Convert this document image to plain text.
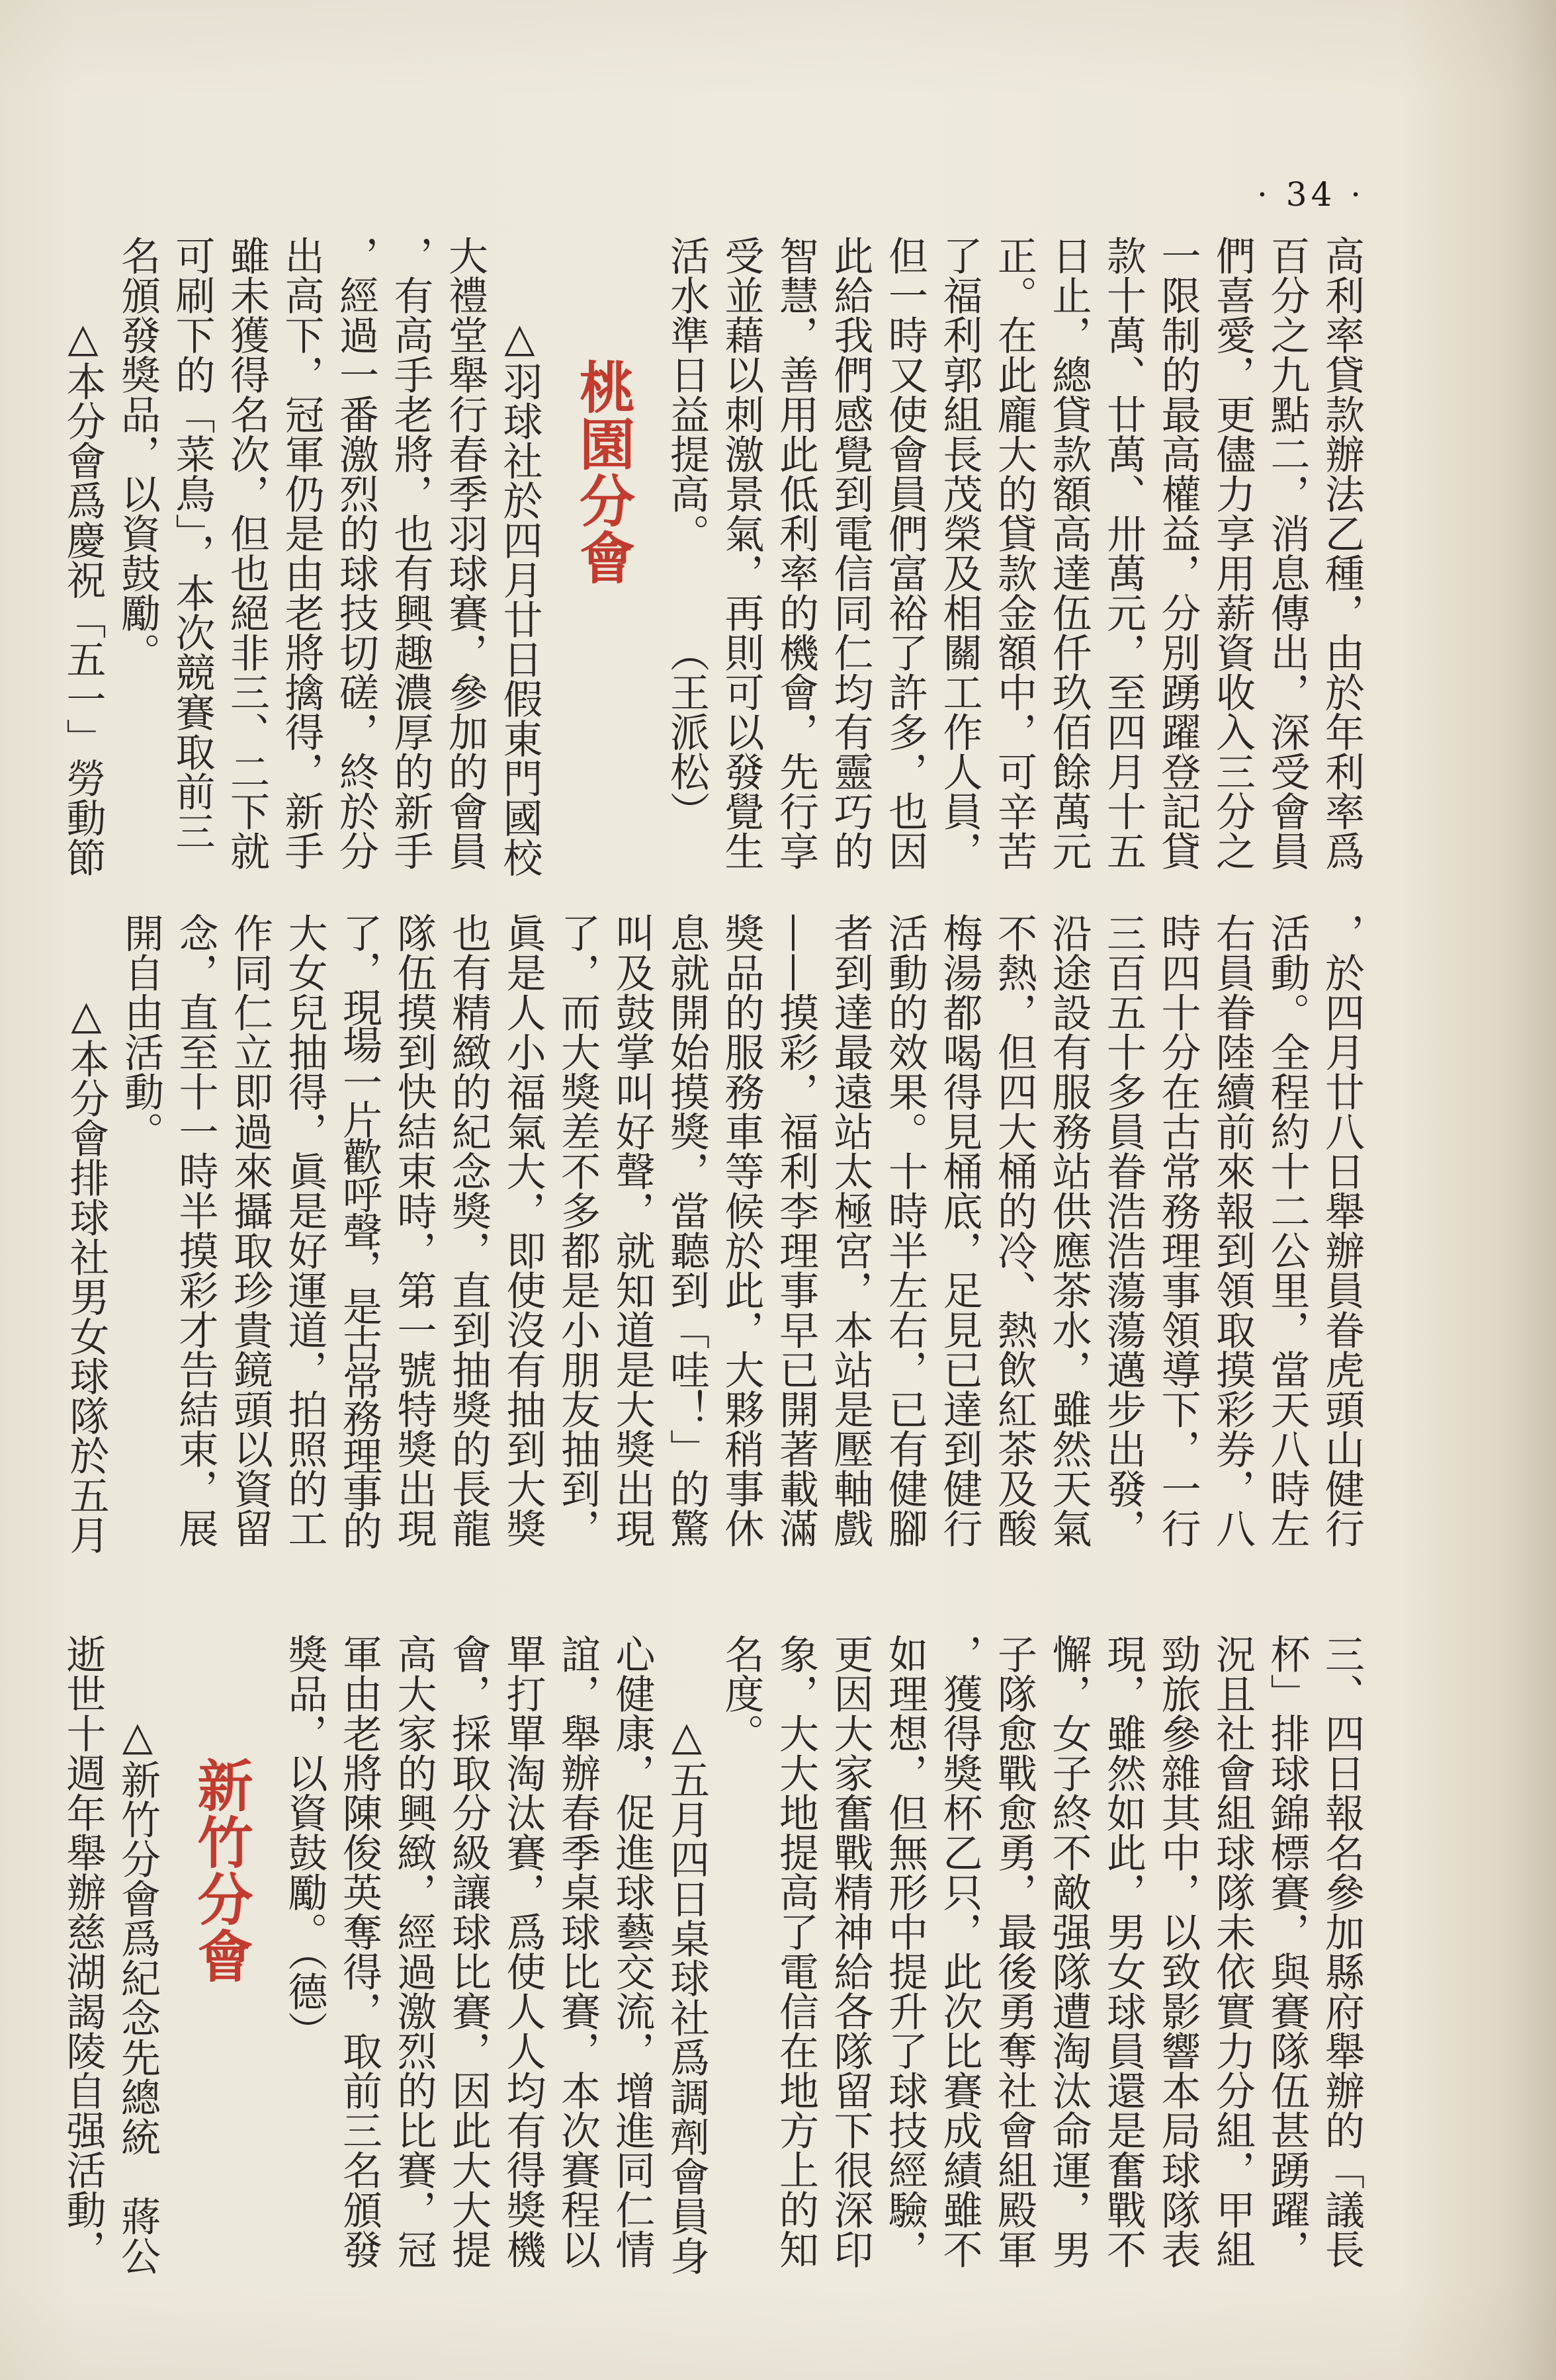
· 34 ·
高利率貸款辦法乙種，由於年利率爲
百分之九點二，消息傳出，深受會員
們喜愛，更儘力享用薪資收入三分之
一限制的最高權益，分別踴躍登記貸
款十萬、廿萬、卅萬元，至四月十五
日止，總貸款額高達伍仟玖佰餘萬元
正。在此龐大的貸款金額中，可辛苦
了福利郭組長茂榮及相關工作人員，
但一時又使會員們富裕了許多，也因
此給我們感覺到電信同仁均有靈巧的
智慧，善用此低利率的機會，先行享
受並藉以刺激景氣，再則可以發覺生
活水準日益提高。
（王派松）
桃園分會
△羽球社於四月廿日假東門國校
大禮堂舉行春季羽球賽，參加的會員
，有高手老將，也有興趣濃厚的新手
，經過一番激烈的球技切磋，終於分
出高下，冠軍仍是由老將擒得，新手
雖未獲得名次，但也絕非三、二下就
可刷下的「菜鳥」，本次競賽取前三
名頒發獎品，以資鼓勵。
△本分會爲慶祝「五一」勞動節
，於四月廿八日舉辦員眷虎頭山健行
活動。全程約十二公里，當天八時左
右員眷陸續前來報到領取摸彩券，八
時四十分在古常務理事領導下，一行
三百五十多員眷浩浩蕩蕩邁步出發，
沿途設有服務站供應茶水，雖然天氣
不熱，但四大桶的冷、熱飲紅茶及酸
梅湯都喝得見桶底，足見已達到健行
活動的效果。十時半左右，已有健腳
者到達最遠站太極宮，本站是壓軸戲
——摸彩，福利李理事早已開著載滿
獎品的服務車等候於此，大夥稍事休
息就開始摸獎，當聽到「哇！」的驚
叫及鼓掌叫好聲，就知道是大獎出現
了，而大獎差不多都是小朋友抽到，
眞是人小福氣大，即使沒有抽到大獎
也有精緻的紀念獎，直到抽獎的長龍
隊伍摸到快結束時，第一號特獎出現
了，現場一片歡呼聲，是古常務理事的
大女兒抽得，眞是好運道，拍照的工
作同仁立即過來攝取珍貴鏡頭以資留
念，直至十一時半摸彩才告結束，展
開自由活動。
△本分會排球社男女球隊於五月
三、四日報名參加縣府舉辦的「議長
杯」排球錦標賽，與賽隊伍甚踴躍，
況且社會組球隊未依實力分組，甲組
勁旅參雜其中，以致影響本局球隊表
現，雖然如此，男女球員還是奮戰不
懈，女子終不敵强隊遭淘汰命運，男
子隊愈戰愈勇，最後勇奪社會組殿軍
，獲得獎杯乙只，此次比賽成績雖不
如理想，但無形中提升了球技經驗，
更因大家奮戰精神給各隊留下很深印
象，大大地提高了電信在地方上的知
名度。
△五月四日桌球社爲調劑會員身
心健康，促進球藝交流，增進同仁情
誼，舉辦春季桌球比賽，本次賽程以
單打單淘汰賽，爲使人人均有得獎機
會，採取分級讓球比賽，因此大大提
高大家的興緻，經過激烈的比賽，冠
軍由老將陳俊英奪得，取前三名頒發
獎品，以資鼓勵。（德）
新竹分會
△新竹分會爲紀念先總統　蔣公
逝世十週年舉辦慈湖謁陵自强活動，
